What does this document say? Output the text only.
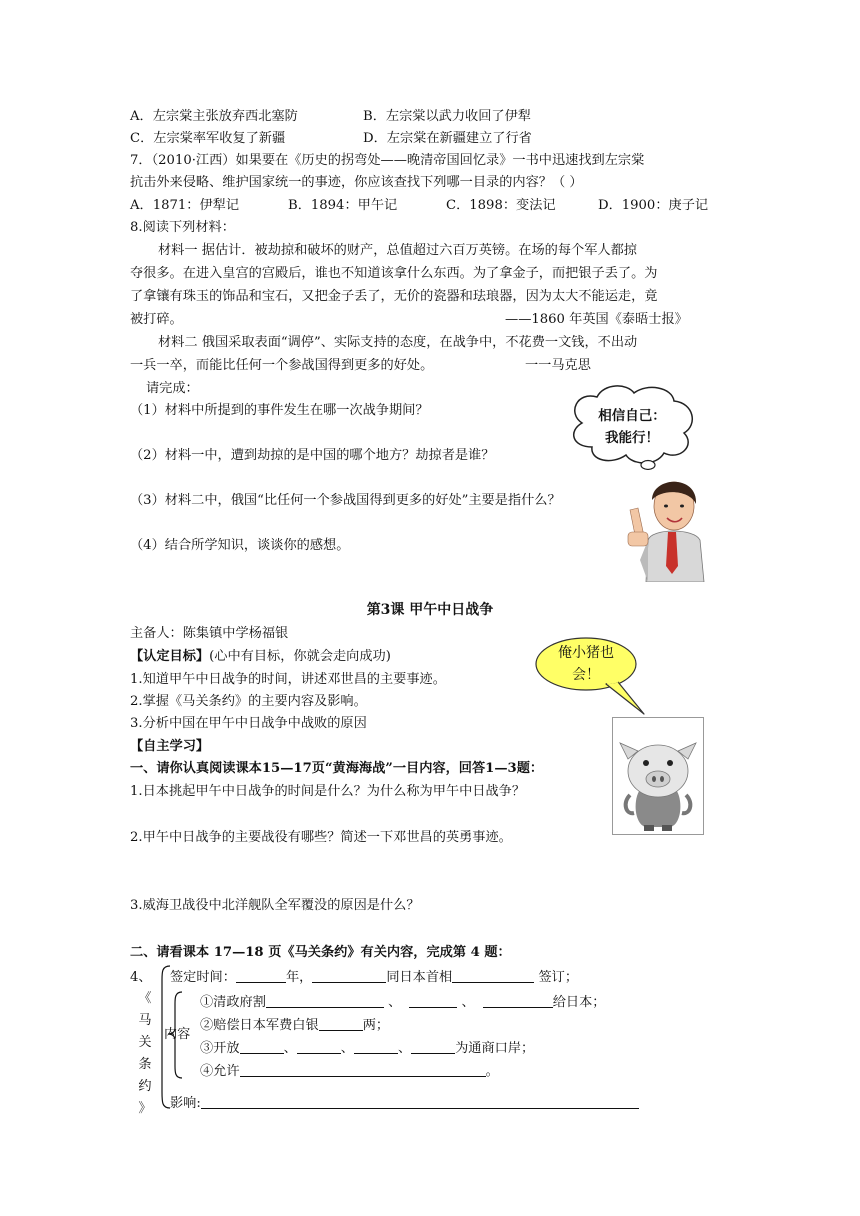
A．左宗棠主张放弃西北塞防	B．左宗棠以武力收回了伊犁
C．左宗棠率军收复了新疆	D．左宗棠在新疆建立了行省
7．（2010·江西）如果要在《历史的拐弯处——晚清帝国回忆录》一书中迅速找到左宗棠
抗击外来侵略、维护国家统一的事迹，你应该查找下列哪一目录的内容？（ ）
A．1871：伊犁记	B．1894：甲午记	C．1898：变法记	D．1900：庚子记
8.阅读下列材料：
材料一 据估计．被劫掠和破坏的财产，总值超过六百万英镑。在场的每个军人都掠
夺很多。在进入皇宫的宫殿后，谁也不知道该拿什么东西。为了拿金子，而把银子丢了。为
了拿镶有珠玉的饰品和宝石，又把金子丢了，无价的瓷器和珐琅器，因为太大不能运走，竟
被打碎。	——1860 年英国《泰晤士报》
材料二 俄国采取表面“调停”、实际支持的态度，在战争中，不花费一文钱，不出动
一兵一卒，而能比任何一个参战国得到更多的好处。	一一马克思
请完成：
（1）材料中所提到的事件发生在哪一次战争期间？
（2）材料一中，遭到劫掠的是中国的哪个地方？劫掠者是谁？
（3）材料二中，俄国“比任何一个参战国得到更多的好处”主要是指什么？
（4）结合所学知识，谈谈你的感想。
相信自己：
我能行！
第3课 甲午中日战争
主备人：陈集镇中学杨福银
【认定目标】(心中有目标，你就会走向成功)
1.知道甲午中日战争的时间，讲述邓世昌的主要事迹。
2.掌握《马关条约》的主要内容及影响。
3.分析中国在甲午中日战争中战败的原因
【自主学习】
一、请你认真阅读课本15—17页“黄海海战”一目内容，回答1—3题：
1.日本挑起甲午中日战争的时间是什么？为什么称为甲午中日战争？
2.甲午中日战争的主要战役有哪些？简述一下邓世昌的英勇事迹。
3.威海卫战役中北洋舰队全军覆没的原因是什么？
二、请看课本 17—18 页《马关条约》有关内容，完成第 4 题：
俺小猪也
会！
4、
《
马
关
条
约
》
签定时间：	年，	同日本首相	签订；
内容
①清政府割	、	、	给日本；
②赔偿日本军费白银	两；
③开放	、	、	、	为通商口岸；
④允许	。
影响:
